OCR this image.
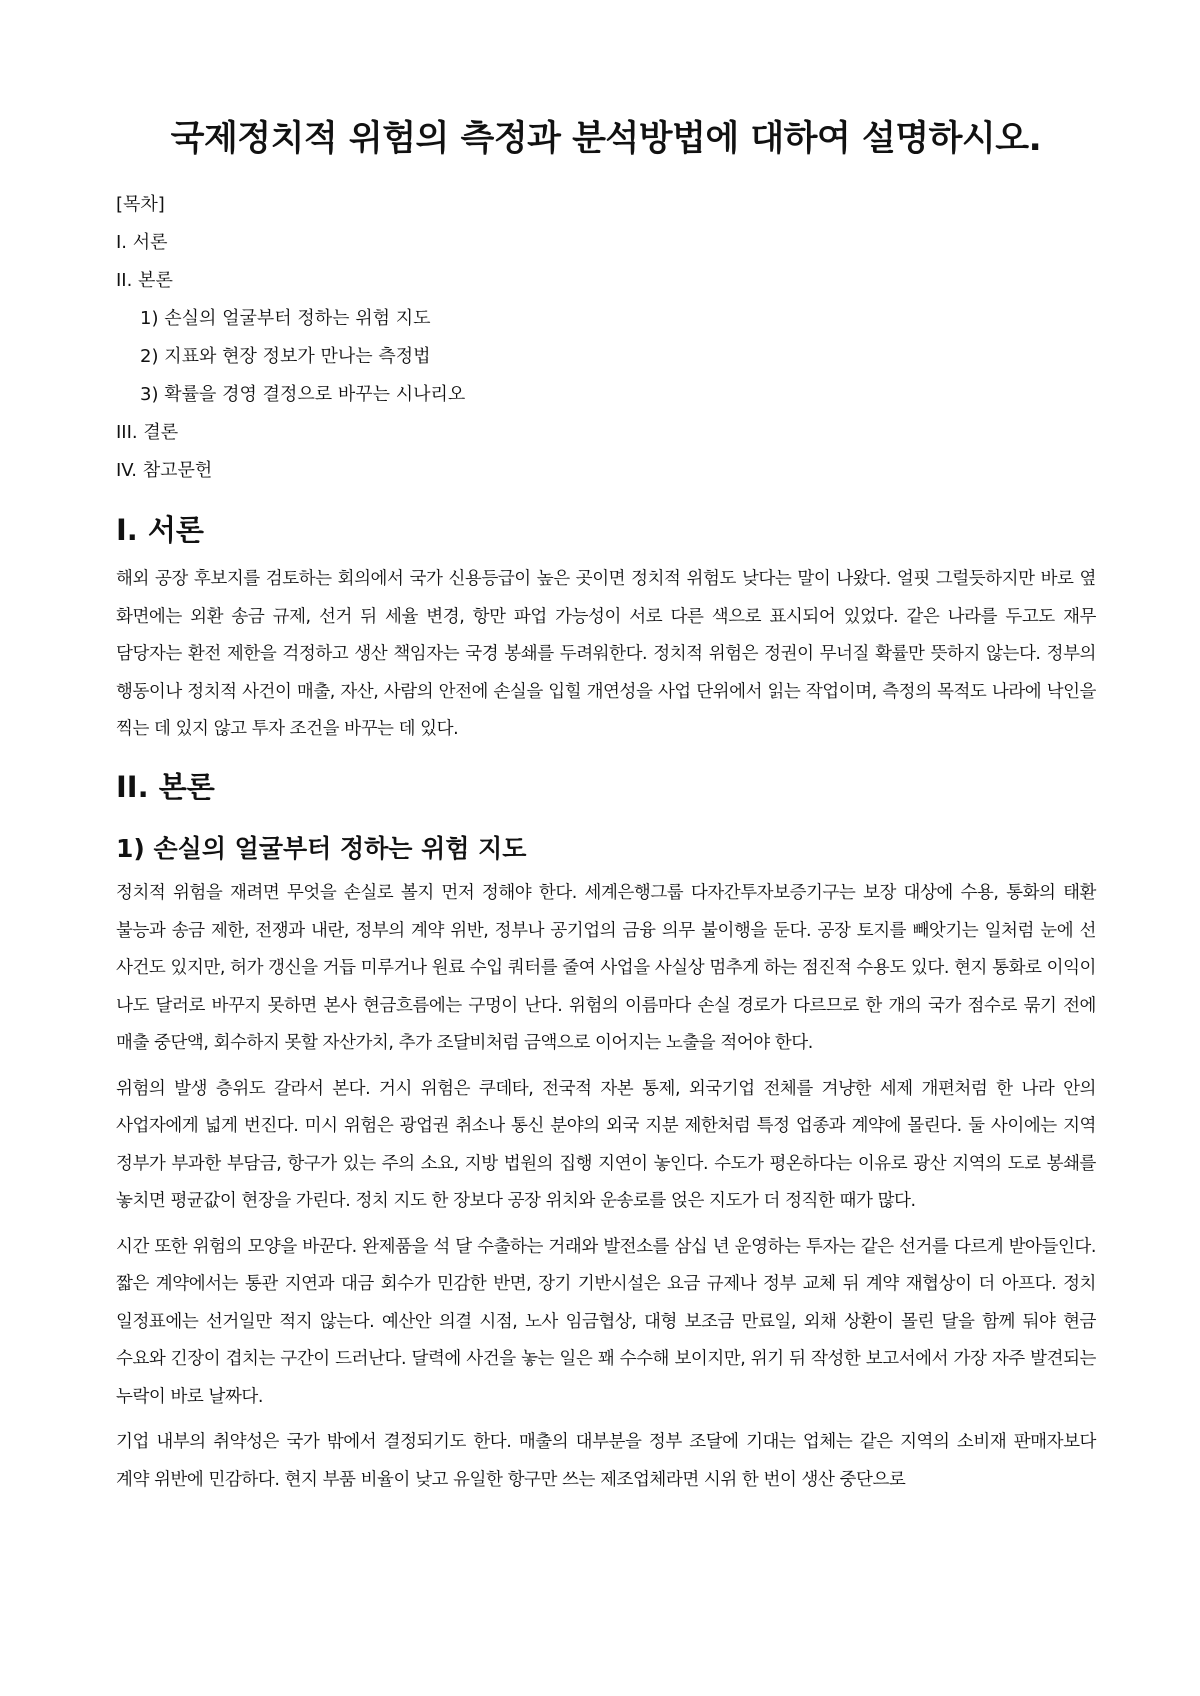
국제정치적 위험의 측정과 분석방법에 대하여 설명하시오.
[목차]
I. 서론
II. 본론
1) 손실의 얼굴부터 정하는 위험 지도
2) 지표와 현장 정보가 만나는 측정법
3) 확률을 경영 결정으로 바꾸는 시나리오
III. 결론
IV. 참고문헌
I. 서론

해외 공장 후보지를 검토하는 회의에서 국가 신용등급이 높은 곳이면 정치적 위험도 낮다는 말이 나왔다. 얼핏 그럴듯하지만 바로 옆 화면에는 외환 송금 규제, 선거 뒤 세율 변경, 항만 파업 가능성이 서로 다른 색으로 표시되어 있었다. 같은 나라를 두고도 재무 담당자는 환전 제한을 걱정하고 생산 책임자는 국경 봉쇄를 두려워한다. 정치적 위험은 정권이 무너질 확률만 뜻하지 않는다. 정부의 행동이나 정치적 사건이 매출, 자산, 사람의 안전에 손실을 입힐 개연성을 사업 단위에서 읽는 작업이며, 측정의 목적도 나라에 낙인을 찍는 데 있지 않고 투자 조건을 바꾸는 데 있다.

II. 본론
1) 손실의 얼굴부터 정하는 위험 지도

정치적 위험을 재려면 무엇을 손실로 볼지 먼저 정해야 한다. 세계은행그룹 다자간투자보증기구는 보장 대상에 수용, 통화의 태환 불능과 송금 제한, 전쟁과 내란, 정부의 계약 위반, 정부나 공기업의 금융 의무 불이행을 둔다. 공장 토지를 빼앗기는 일처럼 눈에 선 사건도 있지만, 허가 갱신을 거듭 미루거나 원료 수입 쿼터를 줄여 사업을 사실상 멈추게 하는 점진적 수용도 있다. 현지 통화로 이익이 나도 달러로 바꾸지 못하면 본사 현금흐름에는 구멍이 난다. 위험의 이름마다 손실 경로가 다르므로 한 개의 국가 점수로 묶기 전에 매출 중단액, 회수하지 못할 자산가치, 추가 조달비처럼 금액으로 이어지는 노출을 적어야 한다.

위험의 발생 층위도 갈라서 본다. 거시 위험은 쿠데타, 전국적 자본 통제, 외국기업 전체를 겨냥한 세제 개편처럼 한 나라 안의 사업자에게 넓게 번진다. 미시 위험은 광업권 취소나 통신 분야의 외국 지분 제한처럼 특정 업종과 계약에 몰린다. 둘 사이에는 지역 정부가 부과한 부담금, 항구가 있는 주의 소요, 지방 법원의 집행 지연이 놓인다. 수도가 평온하다는 이유로 광산 지역의 도로 봉쇄를 놓치면 평균값이 현장을 가린다. 정치 지도 한 장보다 공장 위치와 운송로를 얹은 지도가 더 정직한 때가 많다.

시간 또한 위험의 모양을 바꾼다. 완제품을 석 달 수출하는 거래와 발전소를 삼십 년 운영하는 투자는 같은 선거를 다르게 받아들인다. 짧은 계약에서는 통관 지연과 대금 회수가 민감한 반면, 장기 기반시설은 요금 규제나 정부 교체 뒤 계약 재협상이 더 아프다. 정치 일정표에는 선거일만 적지 않는다. 예산안 의결 시점, 노사 임금협상, 대형 보조금 만료일, 외채 상환이 몰린 달을 함께 둬야 현금 수요와 긴장이 겹치는 구간이 드러난다. 달력에 사건을 놓는 일은 꽤 수수해 보이지만, 위기 뒤 작성한 보고서에서 가장 자주 발견되는 누락이 바로 날짜다.

기업 내부의 취약성은 국가 밖에서 결정되기도 한다. 매출의 대부분을 정부 조달에 기대는 업체는 같은 지역의 소비재 판매자보다 계약 위반에 민감하다. 현지 부품 비율이 낮고 유일한 항구만 쓰는 제조업체라면 시위 한 번이 생산 중단으로
